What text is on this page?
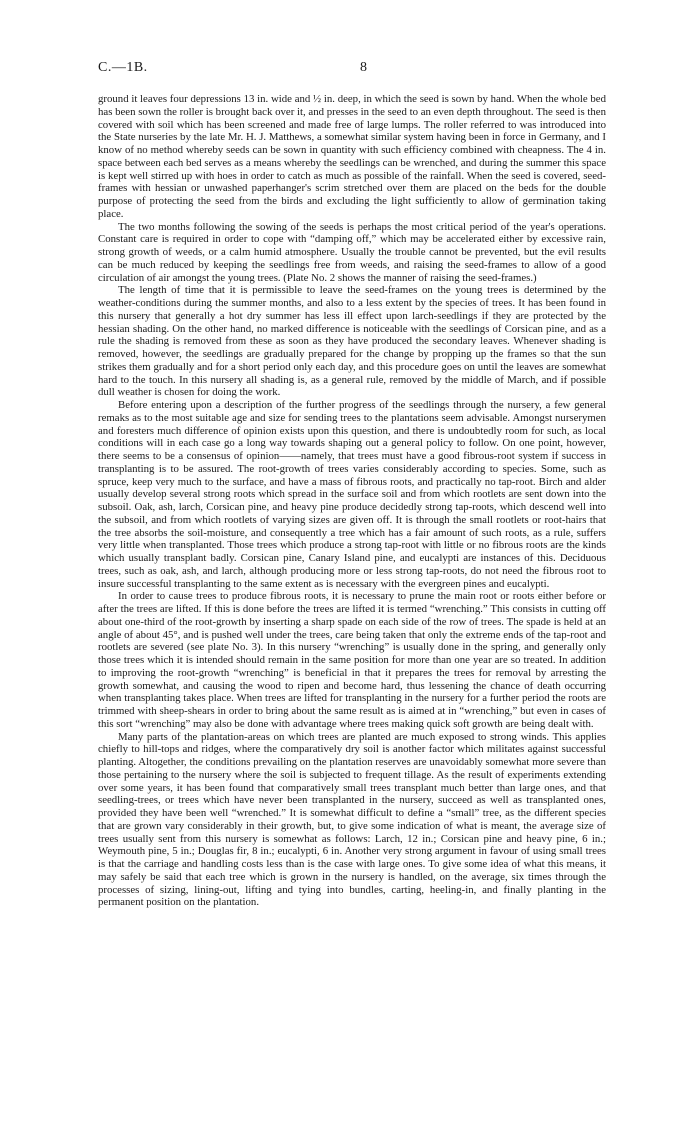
C.—1B.	8

ground it leaves four depressions 13 in. wide and ½ in. deep, in which the seed is sown by hand. When the whole bed has been sown the roller is brought back over it, and presses in the seed to an even depth throughout. The seed is then covered with soil which has been screened and made free of large lumps. The roller referred to was introduced into the State nurseries by the late Mr. H. J. Matthews, a somewhat similar system having been in force in Germany, and I know of no method whereby seeds can be sown in quantity with such efficiency combined with cheapness. The 4 in. space between each bed serves as a means whereby the seedlings can be wrenched, and during the summer this space is kept well stirred up with hoes in order to catch as much as possible of the rainfall. When the seed is covered, seed-frames with hessian or unwashed paperhanger's scrim stretched over them are placed on the beds for the double purpose of protecting the seed from the birds and excluding the light sufficiently to allow of germination taking place.

The two months following the sowing of the seeds is perhaps the most critical period of the year's operations. Constant care is required in order to cope with “damping off,” which may be accelerated either by excessive rain, strong growth of weeds, or a calm humid atmosphere. Usually the trouble cannot be prevented, but the evil results can be much reduced by keeping the seedlings free from weeds, and raising the seed-frames to allow of a good circulation of air amongst the young trees. (Plate No. 2 shows the manner of raising the seed-frames.)

The length of time that it is permissible to leave the seed-frames on the young trees is determined by the weather-conditions during the summer months, and also to a less extent by the species of trees. It has been found in this nursery that generally a hot dry summer has less ill effect upon larch-seedlings if they are protected by the hessian shading. On the other hand, no marked difference is noticeable with the seedlings of Corsican pine, and as a rule the shading is removed from these as soon as they have produced the secondary leaves. Whenever shading is removed, however, the seedlings are gradually prepared for the change by propping up the frames so that the sun strikes them gradually and for a short period only each day, and this procedure goes on until the leaves are somewhat hard to the touch. In this nursery all shading is, as a general rule, removed by the middle of March, and if possible dull weather is chosen for doing the work.

Before entering upon a description of the further progress of the seedlings through the nursery, a few general remaks as to the most suitable age and size for sending trees to the plantations seem advisable. Amongst nurserymen and foresters much difference of opinion exists upon this question, and there is undoubtedly room for such, as local conditions will in each case go a long way towards shaping out a general policy to follow. On one point, however, there seems to be a consensus of opinion——namely, that trees must have a good fibrous-root system if success in transplanting is to be assured. The root-growth of trees varies considerably according to species. Some, such as spruce, keep very much to the surface, and have a mass of fibrous roots, and practically no tap-root. Birch and alder usually develop several strong roots which spread in the surface soil and from which rootlets are sent down into the subsoil. Oak, ash, larch, Corsican pine, and heavy pine produce decidedly strong tap-roots, which descend well into the subsoil, and from which rootlets of varying sizes are given off. It is through the small rootlets or root-hairs that the tree absorbs the soil-moisture, and consequently a tree which has a fair amount of such roots, as a rule, suffers very little when transplanted. Those trees which produce a strong tap-root with little or no fibrous roots are the kinds which usually transplant badly. Corsican pine, Canary Island pine, and eucalypti are instances of this. Deciduous trees, such as oak, ash, and larch, although producing more or less strong tap-roots, do not need the fibrous root to insure successful transplanting to the same extent as is necessary with the evergreen pines and eucalypti.

In order to cause trees to produce fibrous roots, it is necessary to prune the main root or roots either before or after the trees are lifted. If this is done before the trees are lifted it is termed “wrenching.” This consists in cutting off about one-third of the root-growth by inserting a sharp spade on each side of the row of trees. The spade is held at an angle of about 45°, and is pushed well under the trees, care being taken that only the extreme ends of the tap-root and rootlets are severed (see plate No. 3). In this nursery “wrenching” is usually done in the spring, and generally only those trees which it is intended should remain in the same position for more than one year are so treated. In addition to improving the root-growth “wrenching” is beneficial in that it prepares the trees for removal by arresting the growth somewhat, and causing the wood to ripen and become hard, thus lessening the chance of death occurring when transplanting takes place. When trees are lifted for transplanting in the nursery for a further period the roots are trimmed with sheep-shears in order to bring about the same result as is aimed at in “wrenching,” but even in cases of this sort “wrenching” may also be done with advantage where trees making quick soft growth are being dealt with.

Many parts of the plantation-areas on which trees are planted are much exposed to strong winds. This applies chiefly to hill-tops and ridges, where the comparatively dry soil is another factor which militates against successful planting. Altogether, the conditions prevailing on the plantation reserves are unavoidably somewhat more severe than those pertaining to the nursery where the soil is subjected to frequent tillage. As the result of experiments extending over some years, it has been found that comparatively small trees transplant much better than large ones, and that seedling-trees, or trees which have never been transplanted in the nursery, succeed as well as transplanted ones, provided they have been well “wrenched.” It is somewhat difficult to define a “small” tree, as the different species that are grown vary considerably in their growth, but, to give some indication of what is meant, the average size of trees usually sent from this nursery is somewhat as follows: Larch, 12 in.; Corsican pine and heavy pine, 6 in.; Weymouth pine, 5 in.; Douglas fir, 8 in.; eucalypti, 6 in. Another very strong argument in favour of using small trees is that the carriage and handling costs less than is the case with large ones. To give some idea of what this means, it may safely be said that each tree which is grown in the nursery is handled, on the average, six times through the processes of sizing, lining-out, lifting and tying into bundles, carting, heeling-in, and finally planting in the permanent position on the plantation.
